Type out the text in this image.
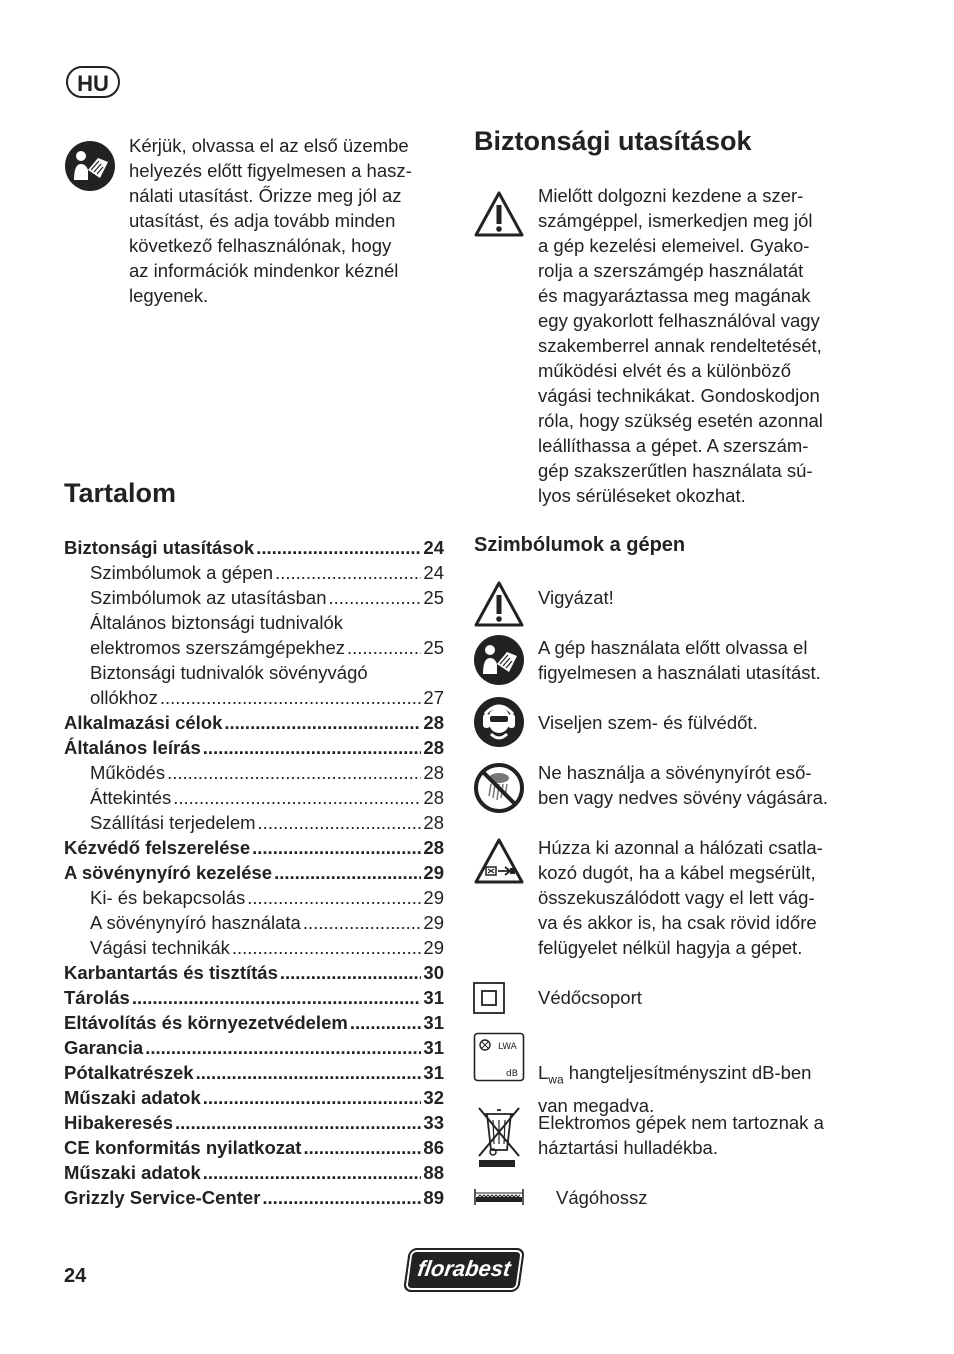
HU
Kérjük, olvassa el az első üzembe
helyezés előtt figyelmesen a hasz-
nálati utasítást. Őrizze meg jól az
utasítást, és adja tovább minden
következő felhasználónak, hogy
az információk mindenkor kéznél
legyenek.
Tartalom
Biztonsági utasítások .....	24
Szimbólumok a gépen .....	24
Szimbólumok az utasításban .....	25
Általános biztonsági tudnivalók
elektromos szerszámgépekhez .....	25
Biztonsági tudnivalók sövényvágó
ollókhoz .....	27
Alkalmazási célok .....	28
Általános leírás .....	28
Működés .....	28
Áttekintés .....	28
Szállítási terjedelem .....	28
Kézvédő felszerelése .....	28
A sövénynyíró kezelése .....	29
Ki- és bekapcsolás .....	29
A sövénynyíró használata .....	29
Vágási technikák .....	29
Karbantartás és tisztítás .....	30
Tárolás .....	31
Eltávolítás és környezetvédelem .....	31
Garancia .....	31
Pótalkatrészek .....	31
Műszaki adatok .....	32
Hibakeresés .....	33
CE konformitás nyilatkozat .....	86
Műszaki adatok .....	88
Grizzly Service-Center .....	89
Biztonsági utasítások
Mielőtt dolgozni kezdene a szer-
számgéppel, ismerkedjen meg jól
a gép kezelési elemeivel. Gyako-
rolja a szerszámgép használatát
és magyaráztassa meg magának
egy gyakorlott felhasználóval vagy
szakemberrel annak rendeltetését,
működési elvét és a különböző
vágási technikákat. Gondoskodjon
róla, hogy szükség esetén azonnal
leállíthassa a gépet. A szerszám-
gép szakszerűtlen használata sú-
lyos sérüléseket okozhat.
Szimbólumok a gépen
Vigyázat!
A gép használata előtt olvassa el
figyelmesen a használati utasítást.
Viseljen szem- és fülvédőt.
Ne használja a sövénynyírót eső-
ben vagy nedves sövény vágására.
Húzza ki azonnal a hálózati csatla-
kozó dugót, ha a kábel megsérült,
összekuszálódott vagy el lett vág-
va és akkor is, ha csak rövid időre
felügyelet nélkül hagyja a gépet.
Védőcsoport
LWA
dB $L_{wa}$ hangteljesítményszint dB-ben
van megadva.

Elektromos gépek nem tartoznak a
háztartási hulladékba.
Vágóhossz
24	florabest
